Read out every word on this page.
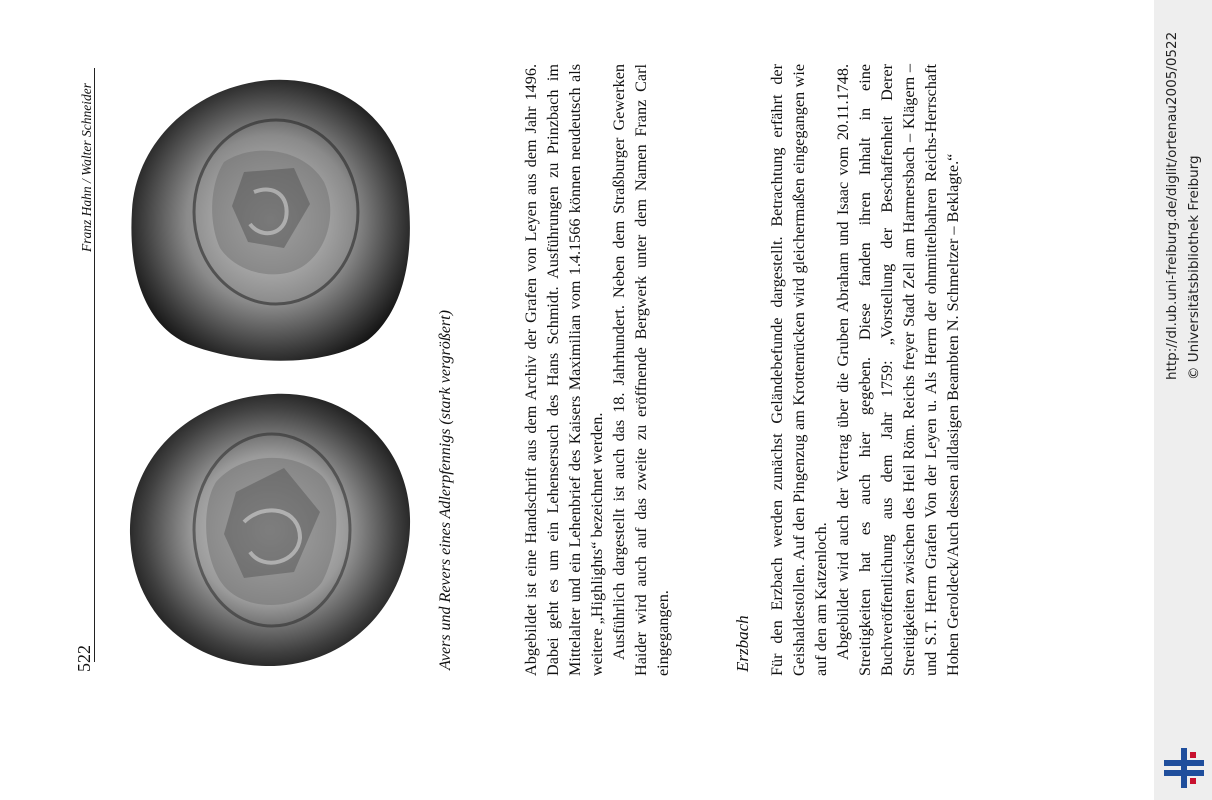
Franz Hahn / Walter Schneider
522	Avers und Revers eines Adlerpfennigs (stark vergrößert)	Abgebildet ist eine Handschrift aus dem Archiv der Grafen von Leyen aus dem Jahr 1496. Dabei geht es um ein Lehensersuch des Hans Schmidt. Ausführungen zu Prinzbach im Mittelalter und ein Lehenbrief des Kaisers Maximilian vom 1.4.1566 können neudeutsch als weitere „Highlights“ bezeichnet werden. Ausführlich dargestellt ist auch das 18. Jahrhundert. Neben dem Straßburger Gewerken Haider wird auch auf das zweite zu eröffnende Bergwerk unter dem Namen Franz Carl eingegangen.	Erzbach Für den Erzbach werden zunächst Geländebefunde dargestellt. Betrachtung erfährt der Geishaldestollen. Auf den Pingenzug am Krottenrücken wird gleichermaßen eingegangen wie auf den am Katzenloch. Abgebildet wird auch der Vertrag über die Gruben Abraham und Isaac vom 20.11.1748. Streitigkeiten hat es auch hier gegeben. Diese fanden ihren Inhalt in eine Buchveröffentlichung aus dem Jahr 1759: „Vorstellung der Beschaffenheit Derer Streitigkeiten zwischen des Heil Röm. Reichs freyer Stadt Zell am Harmersbach – Klägern – und S.T. Herrn Grafen Von der Leyen u. Als Herrn der ohnmittelbahren Reichs-Herrschaft Hohen Geroldeck/Auch dessen alldasigen Beambten N. Schmeltzer – Beklagte.“	http://dl.ub.uni-freiburg.de/diglit/ortenau2005/0522 © Universitätsbibliothek Freiburg
